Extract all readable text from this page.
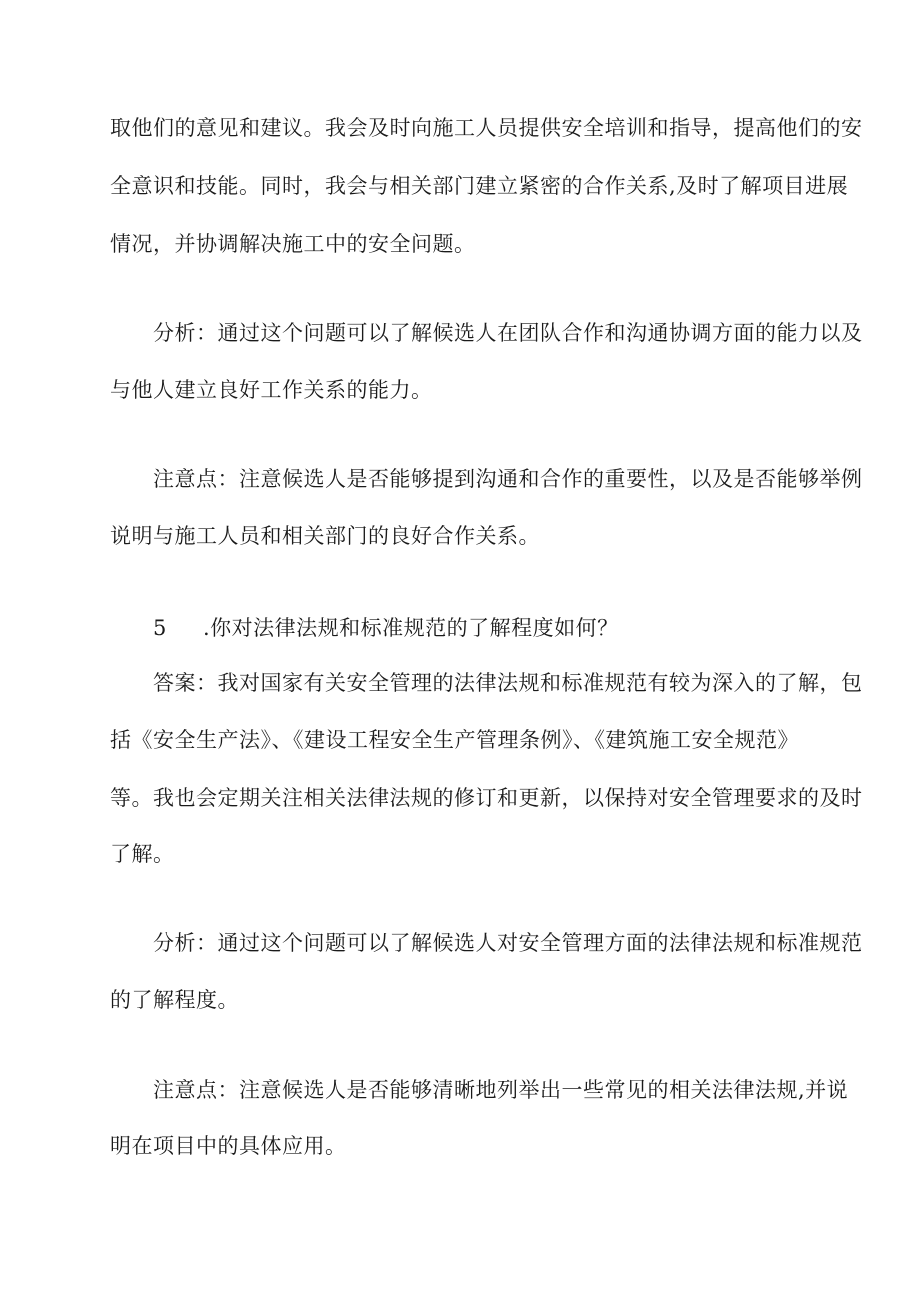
取他们的意见和建议。我会及时向施工人员提供安全培训和指导，提高他们的安
全意识和技能。同时，我会与相关部门建立紧密的合作关系,及时了解项目进展
情况，并协调解决施工中的安全问题。
分析：通过这个问题可以了解候选人在团队合作和沟通协调方面的能力以及
与他人建立良好工作关系的能力。
注意点：注意候选人是否能够提到沟通和合作的重要性，以及是否能够举例
说明与施工人员和相关部门的良好合作关系。
5 .你对法律法规和标准规范的了解程度如何？
答案：我对国家有关安全管理的法律法规和标准规范有较为深入的了解，包
括《安全生产法》、《建设工程安全生产管理条例》、《建筑施工安全规范》
等。我也会定期关注相关法律法规的修订和更新，以保持对安全管理要求的及时
了解。
分析：通过这个问题可以了解候选人对安全管理方面的法律法规和标准规范
的了解程度。
注意点：注意候选人是否能够清晰地列举出一些常见的相关法律法规,并说
明在项目中的具体应用。
